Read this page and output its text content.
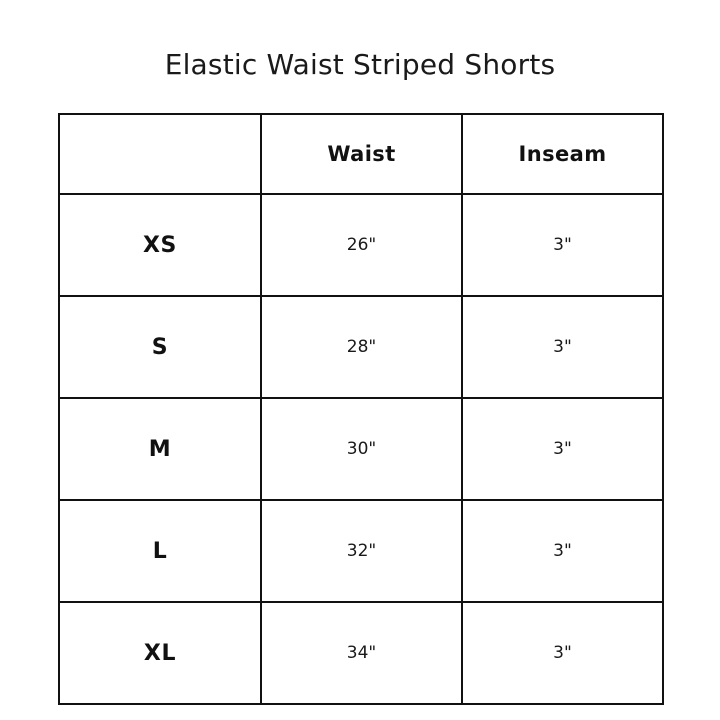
Elastic Waist Striped Shorts
	Waist	Inseam
XS	26"	3"
S	28"	3"
M	30"	3"
L	32"	3"
XL	34"	3"
